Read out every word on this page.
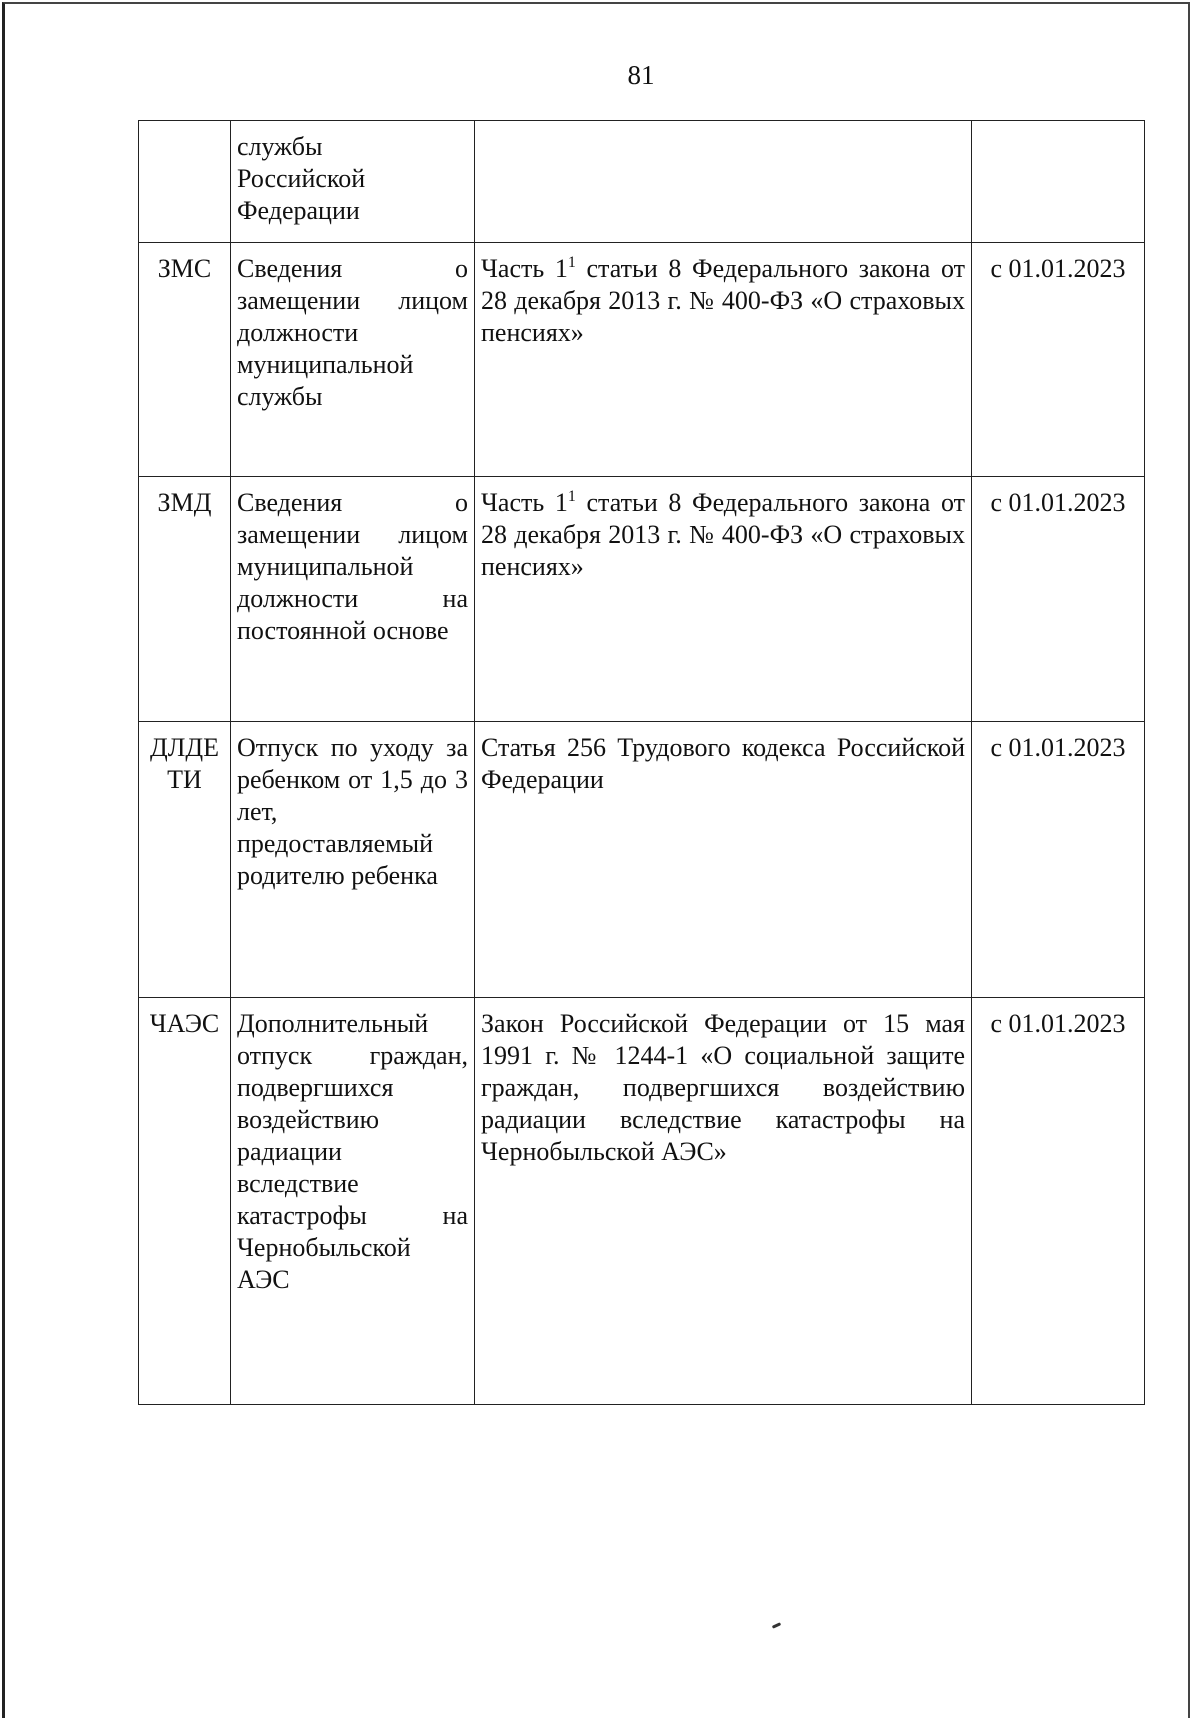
81
	службы Российской Федерации		
ЗМС	Сведения о замещении лицом должности муниципальной службы	Часть $1^1$ статьи 8 Федерального закона от 28 декабря 2013 г. № 400-ФЗ «О страховых пенсиях»	с 01.01.2023
ЗМД	Сведения о замещении лицом муниципальной должности на постоянной основе	Часть $1^1$ статьи 8 Федерального закона от 28 декабря 2013 г. № 400-ФЗ «О страховых пенсиях»	с 01.01.2023
ДЛДЕТИ	Отпуск по уходу за ребенком от 1,5 до 3 лет, предоставляемый родителю ребенка	Статья 256 Трудового кодекса Российской Федерации	с 01.01.2023
ЧАЭС	Дополнительный отпуск граждан, подвергшихся воздействию радиации вследствие катастрофы на Чернобыльской АЭС	Закон Российской Федерации от 15 мая 1991 г. № 1244-1 «О социальной защите граждан, подвергшихся воздействию радиации вследствие катастрофы на Чернобыльской АЭС»	с 01.01.2023
